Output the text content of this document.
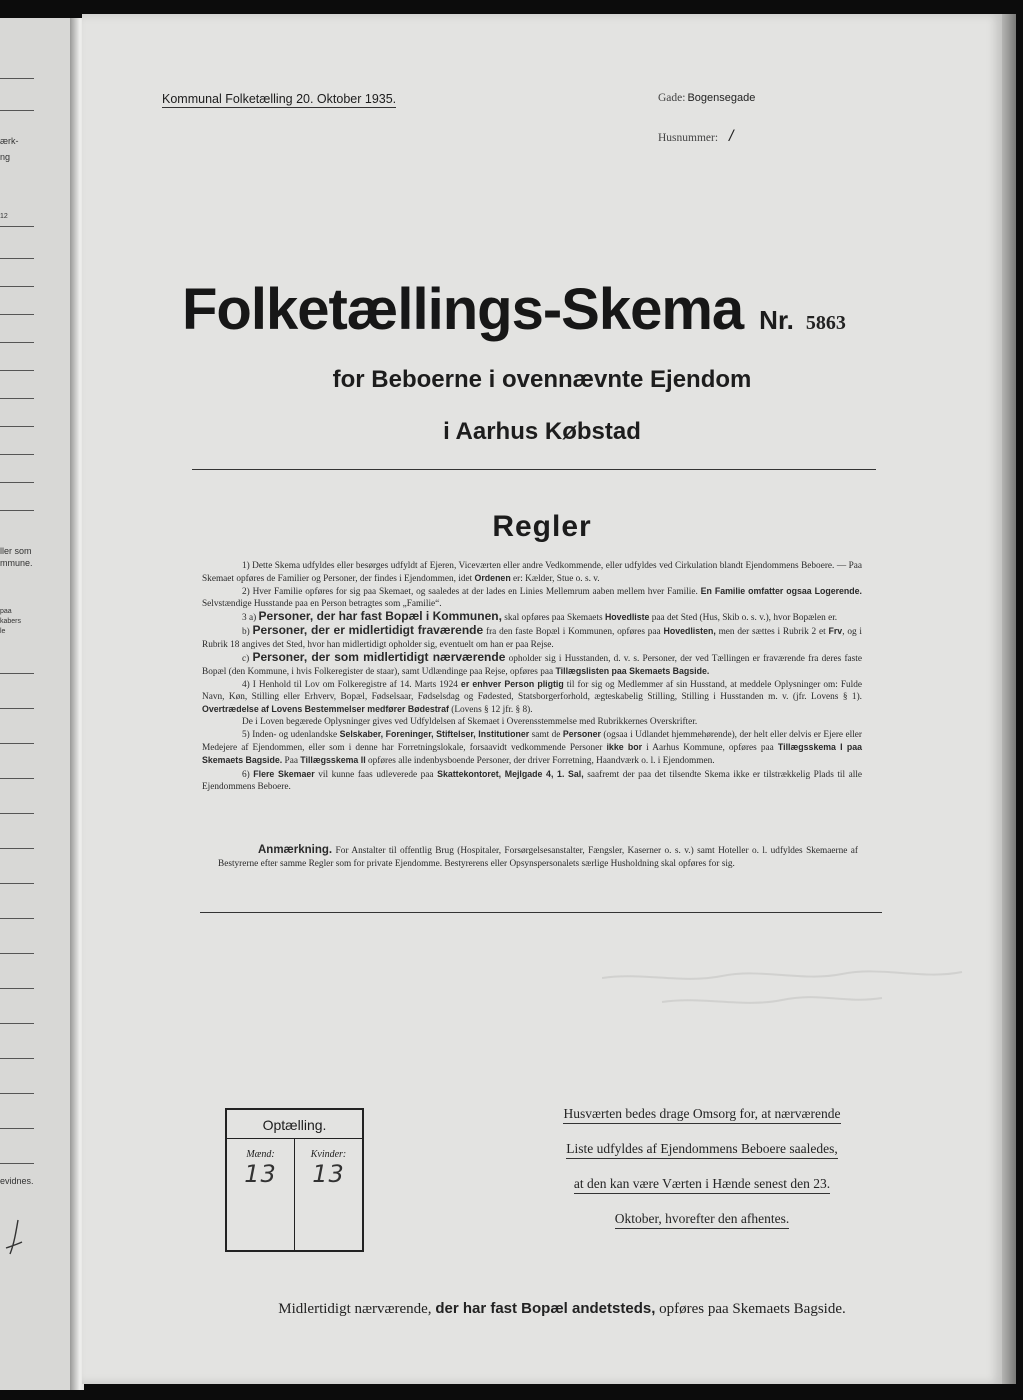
ærk-
ng
12
ller som
mmune.
paa
kabers
le
evidnes.
Kommunal Folketælling 20. Oktober 1935.	Gade: Bogensegade
Husnummer: /
Folketællings-Skema Nr. 5863
for Beboerne i ovennævnte Ejendom
i Aarhus Købstad
Regler

1) Dette Skema udfyldes eller besørges udfyldt af Ejeren, Viceværten eller andre Vedkommende, eller udfyldes ved Cirkulation blandt Ejendommens Beboere. — Paa Skemaet opføres de Familier og Personer, der findes i Ejendommen, idet Ordenen er: Kælder, Stue o. s. v.

2) Hver Familie opføres for sig paa Skemaet, og saaledes at der lades en Linies Mellemrum aaben mellem hver Familie. En Familie omfatter ogsaa Logerende. Selvstændige Husstande paa en Person betragtes som „Familie“.

3 a) Personer, der har fast Bopæl i Kommunen, skal opføres paa Skemaets Hovedliste paa det Sted (Hus, Skib o. s. v.), hvor Bopælen er.

b) Personer, der er midlertidigt fraværende fra den faste Bopæl i Kommunen, opføres paa Hovedlisten, men der sættes i Rubrik 2 et Frv, og i Rubrik 18 angives det Sted, hvor han midlertidigt opholder sig, eventuelt om han er paa Rejse.

c) Personer, der som midlertidigt nærværende opholder sig i Husstanden, d. v. s. Personer, der ved Tællingen er fraværende fra deres faste Bopæl (den Kommune, i hvis Folkeregister de staar), samt Udlændinge paa Rejse, opføres paa Tillægslisten paa Skemaets Bagside.

4) I Henhold til Lov om Folkeregistre af 14. Marts 1924 er enhver Person pligtig til for sig og Medlemmer af sin Husstand, at meddele Oplysninger om: Fulde Navn, Køn, Stilling eller Erhverv, Bopæl, Fødselsaar, Fødselsdag og Fødested, Statsborgerforhold, ægteskabelig Stilling, Stilling i Husstanden m. v. (jfr. Lovens § 1). Overtrædelse af Lovens Bestemmelser medfører Bødestraf (Lovens § 12 jfr. § 8).

De i Loven begærede Oplysninger gives ved Udfyldelsen af Skemaet i Overensstemmelse med Rubrikkernes Overskrifter.

5) Inden- og udenlandske Selskaber, Foreninger, Stiftelser, Institutioner samt de Personer (ogsaa i Udlandet hjemmehørende), der helt eller delvis er Ejere eller Medejere af Ejendommen, eller som i denne har Forretningslokale, forsaavidt vedkommende Personer ikke bor i Aarhus Kommune, opføres paa Tillægsskema I paa Skemaets Bagside. Paa Tillægsskema II opføres alle indenbysboende Personer, der driver Forretning, Haandværk o. l. i Ejendommen.

6) Flere Skemaer vil kunne faas udleverede paa Skattekontoret, Mejlgade 4, 1. Sal, saafremt der paa det tilsendte Skema ikke er tilstrækkelig Plads til alle Ejendommens Beboere.

Anmærkning. For Anstalter til offentlig Brug (Hospitaler, Forsørgelsesanstalter, Fængsler, Kaserner o. s. v.) samt Hoteller o. l. udfyldes Skemaerne af Bestyrerne efter samme Regler som for private Ejendomme. Bestyrerens eller Opsynspersonalets særlige Husholdning skal opføres for sig.
Optælling.
Mænd:
13
Kvinder:
13
Husværten bedes drage Omsorg for, at nærværende
Liste udfyldes af Ejendommens Beboere saaledes,
at den kan være Værten i Hænde senest den 23.
Oktober, hvorefter den afhentes.
Midlertidigt nærværende, der har fast Bopæl andetsteds, opføres paa Skemaets Bagside.
